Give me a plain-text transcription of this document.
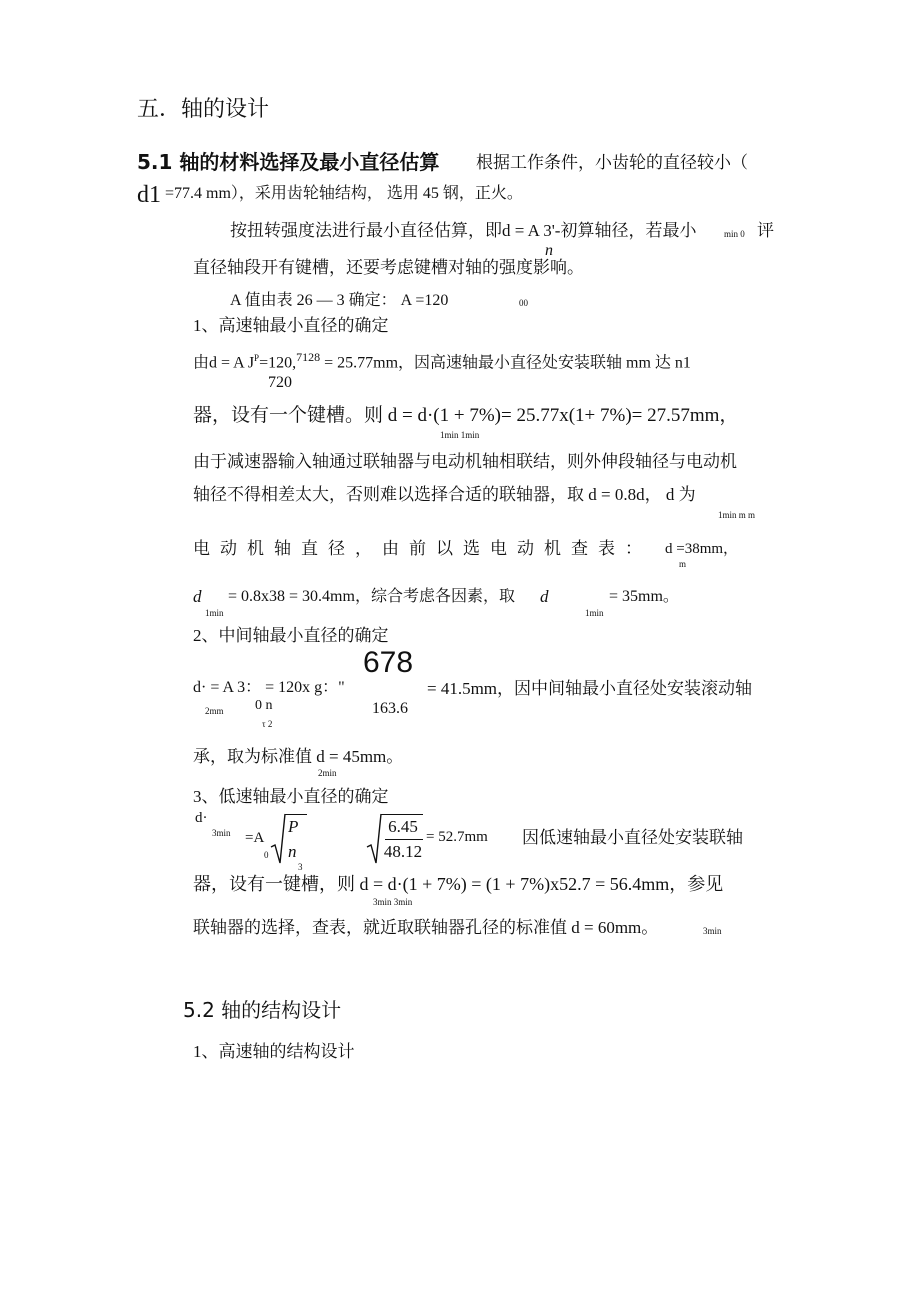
五．轴的设计
5.1 轴的材料选择及最小直径估算 根据工作条件，小齿轮的直径较小（
d1 =77.4 mm），采用齿轮轴结构， 选用 45 钢，正火。
按扭转强度法进行最小直径估算，即d = A 3'-初算轴径，若最小
n
min 0 评
直径轴段开有键槽，还要考虑键槽对轴的强度影响。
A 值由表 26 — 3 确定： A =120	00
1、高速轴最小直径的确定
由d = A $J^P=120,^{7128} = 25.77mm$，因高速轴最小直径处安装联轴 mm 达 n1
720
器，设有一个键槽。则 d = d·(1 + 7%)= 25.77x(1+ 7%)= 27.57mm，
1min 1min
由于减速器输入轴通过联轴器与电动机轴相联结，则外伸段轴径与电动机
轴径不得相差太大，否则难以选择合适的联轴器，取 d = 0.8d， d 为
1min m m
电动机轴直径，由前以选电动机查表： d =38mm，
m
d
1min
= 0.8x38 = 30.4mm，综合考虑各因素，取 d
1min
= 35mm。
2、中间轴最小直径的确定
678
d· = A 3： = 120x g："	= 41.5mm，因中间轴最小直径处安装滚动轴
2mm 0 n
τ 2
163.6
承，取为标准值 d = 45mm。
2min
3、低速轴最小直径的确定
d·
3min =A
0
P
n
3
6.45
48.12
= 52.7mm 因低速轴最小直径处安装联轴
器，设有一键槽，则 d = d·(1 + 7%) = (1 + 7%)x52.7 = 56.4mm，参见
3min 3min
联轴器的选择，查表，就近取联轴器孔径的标准值 d = 60mm。	3min
5.2 轴的结构设计
1、高速轴的结构设计
